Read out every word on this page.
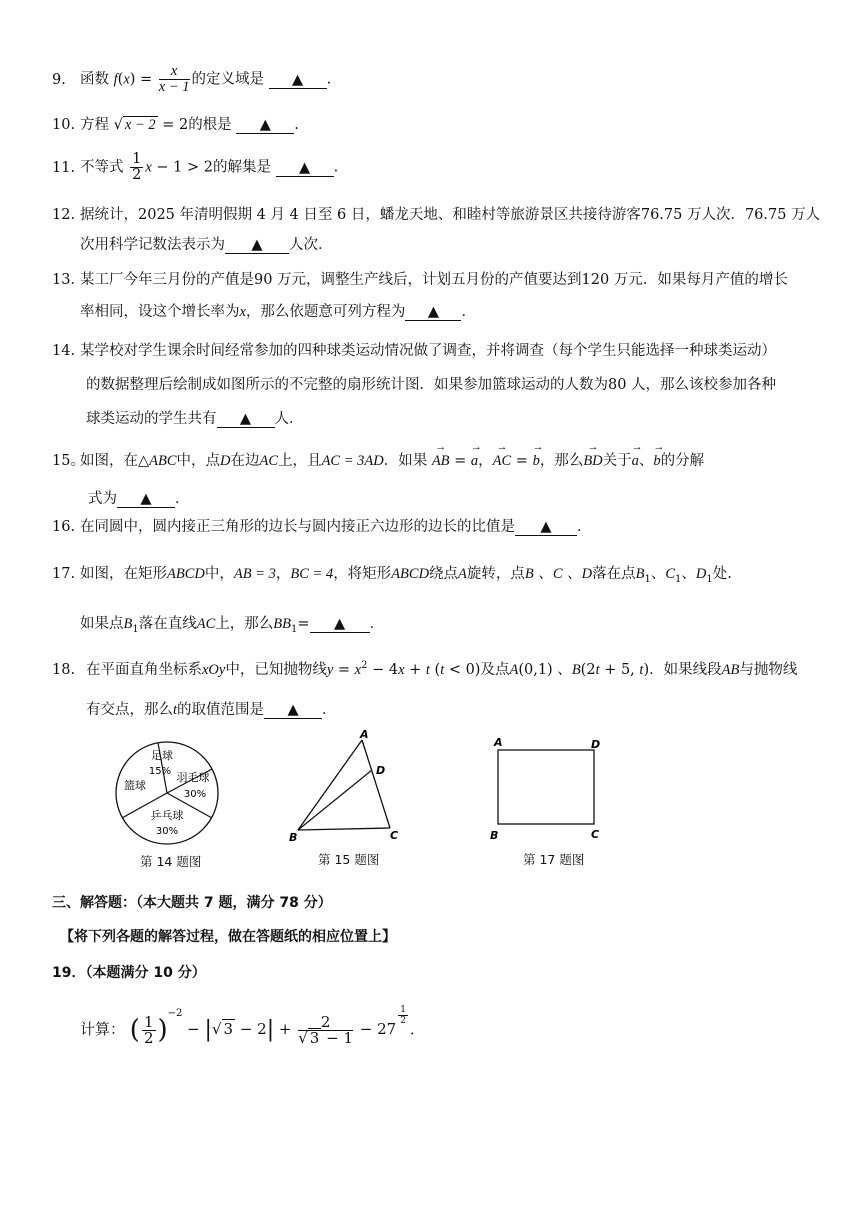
9. 函数 $f(x) = \frac{x}{x - 1}$ 的定义域是 ▲ .
10. 方程 √ x − 2 = 2的根是 ▲ .
11. 不等式 $\frac{1}{2}$ x − 1 > 2的解集是 ▲ .
12. 据统计，2025 年清明假期 4 月 4 日至 6 日，蟠龙天地、和睦村等旅游景区共接待游客76.75 万人次．76.75 万人
次用科学记数法表示为 ▲ 人次．
13．某工厂今年三月份的产值是90 万元，调整生产线后，计划五月份的产值要达到120 万元．如果每月产值的增长
率相同，设这个增长率为x，那么依题意可列方程为 ▲ ．
14. 某学校对学生课余时间经常参加的四种球类运动情况做了调查，并将调查（每个学生只能选择一种球类运动）
的数据整理后绘制成如图所示的不完整的扇形统计图．如果参加篮球运动的人数为80 人，那么该校参加各种
球类运动的学生共有 ▲ 人．
15。如图，在△ABC中，点D在边AC上，且AC = 3AD．如果 → AB = → a，→ AC = → b，那么→ BD关于→ a、→ b的分解
式为 ▲ ．
16. 在同圆中，圆内接正三角形的边长与圆内接正六边形的边长的比值是 ▲ ．
17. 如图，在矩形ABCD中，AB = 3，BC = 4，将矩形ABCD绕点A旋转，点B 、C 、D落在点$B_1$、$C_1$、$D_1$处.
如果点$B_1$落在直线AC上，那么$BB_1=$ ▲ ．
18. 在平面直角坐标系xOy中，已知抛物线$y = x^2 - 4x + t$ (t < 0)及点A(0,1) 、B(2t + 5, t)．如果线段AB与抛物线
有交点，那么t的取值范围是 ▲ ．
足球
15% 羽毛球
30%
篮球
乒乓球
30%
第 14 题图
A
D
B	C
第 15 题图
A	D
B	C
第 17 题图
三、解答题：（本大题共 7 题，满分 78 分）
【将下列各题的解答过程，做在答题纸的相应位置上】
19．（本题满分 10 分）
计算： ( $\frac{1}{2} )^{-2}$ − |√ $3 - 2| + \frac{2}{√ 3 - 1} - 27$
$^{\frac{1}{2}}$
．
